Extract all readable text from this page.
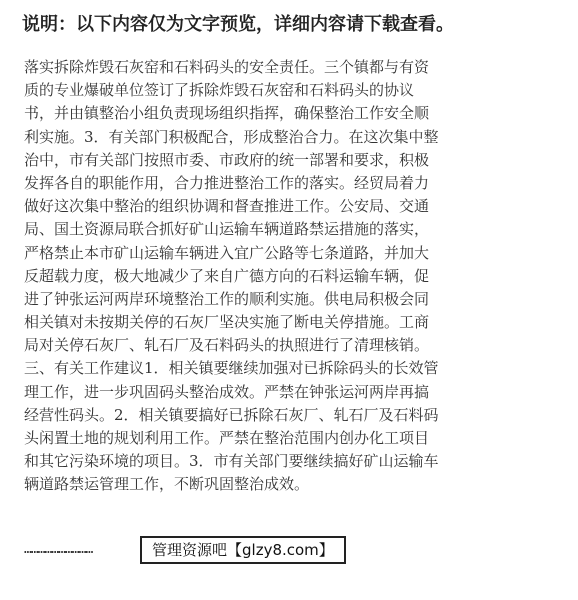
说明：以下内容仅为文字预览，详细内容请下载查看。
落实拆除炸毁石灰窑和石料码头的安全责任。三个镇都与有资
质的专业爆破单位签订了拆除炸毁石灰窑和石料码头的协议
书，并由镇整治小组负责现场组织指挥，确保整治工作安全顺
利实施。3．有关部门积极配合，形成整治合力。在这次集中整
治中，市有关部门按照市委、市政府的统一部署和要求，积极
发挥各自的职能作用，合力推进整治工作的落实。经贸局着力
做好这次集中整治的组织协调和督查推进工作。公安局、交通
局、国土资源局联合抓好矿山运输车辆道路禁运措施的落实，
严格禁止本市矿山运输车辆进入宜广公路等七条道路，并加大
反超载力度，极大地减少了来自广德方向的石料运输车辆，促
进了钟张运河两岸环境整治工作的顺利实施。供电局积极会同
相关镇对未按期关停的石灰厂坚决实施了断电关停措施。工商
局对关停石灰厂、轧石厂及石料码头的执照进行了清理核销。
三、有关工作建议1．相关镇要继续加强对已拆除码头的长效管
理工作，进一步巩固码头整治成效。严禁在钟张运河两岸再搞
经营性码头。2．相关镇要搞好已拆除石灰厂、轧石厂及石料码
头闲置土地的规划利用工作。严禁在整治范围内创办化工项目
和其它污染环境的项目。3．市有关部门要继续搞好矿山运输车
辆道路禁运管理工作，不断巩固整治成效。
…………………………	管理资源吧【glzy8.com】
